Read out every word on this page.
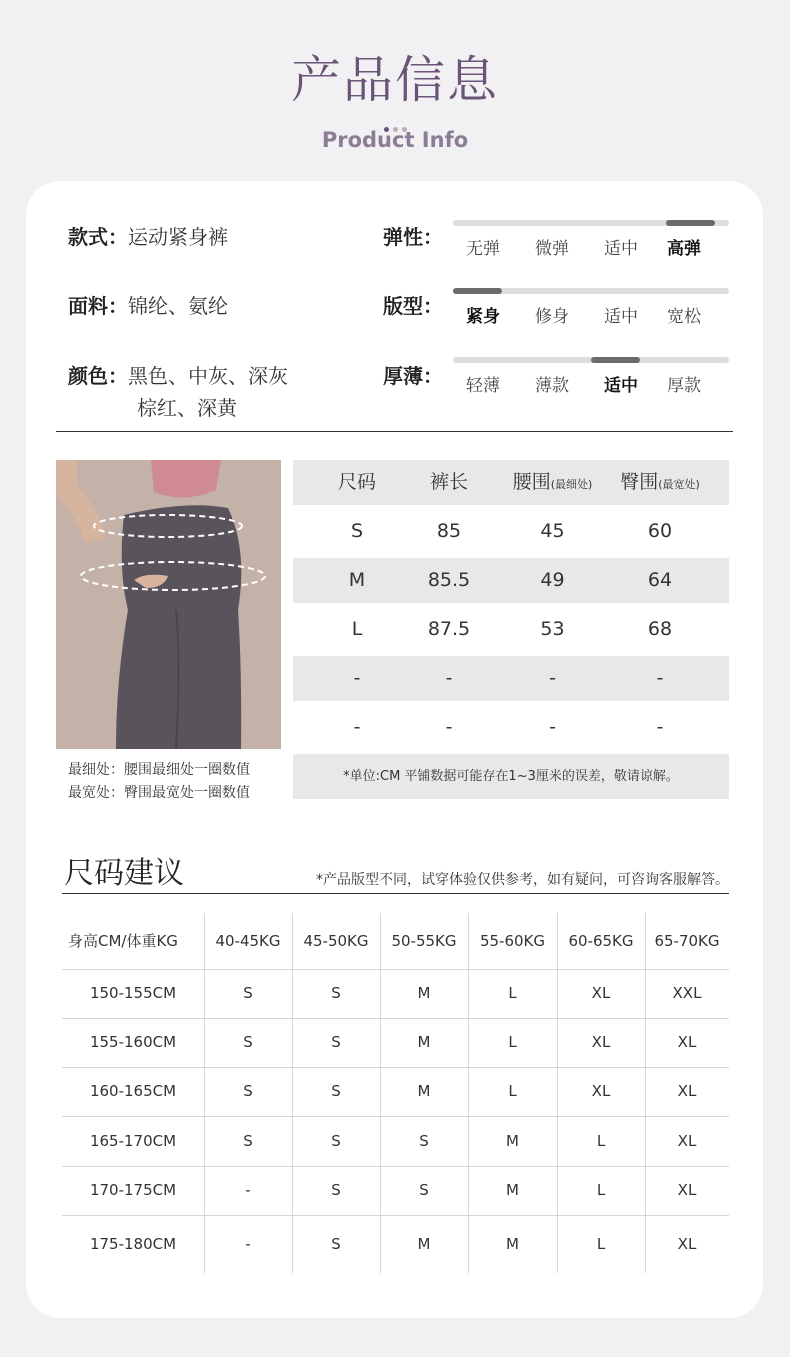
产品信息
Product Info
款式：运动紧身裤
面料：锦纶、氨纶
颜色：黑色、中灰、深灰
棕红、深黄
弹性：
版型：
厚薄：
无弹	微弹	适中	高弹
紧身	修身	适中	宽松
轻薄	薄款	适中	厚款
最细处：腰围最细处一圈数值
最宽处：臀围最宽处一圈数值
尺码	裤长	腰围(最细处)	臀围(最宽处)
S	85	45	60
M	85.5	49	64
L	87.5	53	68
-	-	-	-
-	-	-	-
*单位:CM 平铺数据可能存在1~3厘米的误差，敬请谅解。
尺码建议	*产品版型不同，试穿体验仅供参考，如有疑问，可咨询客服解答。
身高CM/体重KG	40-45KG	45-50KG	50-55KG	55-60KG	60-65KG	65-70KG
150-155CM	S	S	M	L	XL	XXL
155-160CM	S	S	M	L	XL	XL
160-165CM	S	S	M	L	XL	XL
165-170CM	S	S	S	M	L	XL
170-175CM	-	S	S	M	L	XL
175-180CM	-	S	M	M	L	XL
